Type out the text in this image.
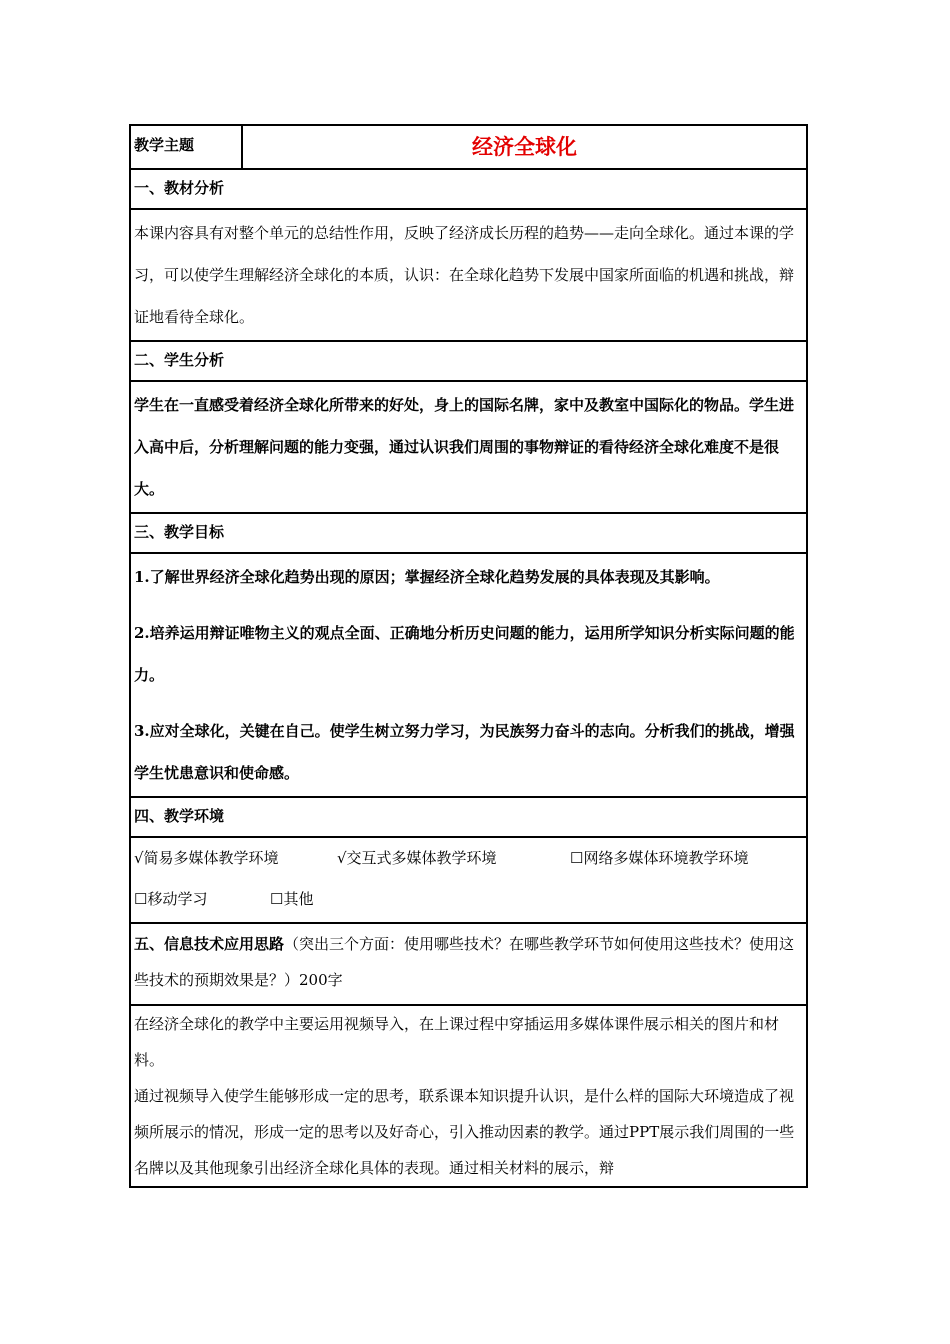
教学主题	经济全球化
一、教材分析
本课内容具有对整个单元的总结性作用，反映了经济成长历程的趋势——走向全球化。通过本课的学习，可以使学生理解经济全球化的本质，认识：在全球化趋势下发展中国家所面临的机遇和挑战，辩证地看待全球化。
二、学生分析
学生在一直感受着经济全球化所带来的好处，身上的国际名牌，家中及教室中国际化的物品。学生进入高中后，分析理解问题的能力变强，通过认识我们周围的事物辩证的看待经济全球化难度不是很大。
三、教学目标

1.了解世界经济全球化趋势出现的原因；掌握经济全球化趋势发展的具体表现及其影响。

2.培养运用辩证唯物主义的观点全面、正确地分析历史问题的能力，运用所学知识分析实际问题的能力。

3.应对全球化，关键在自己。使学生树立努力学习，为民族努力奋斗的志向。分析我们的挑战，增强学生忧患意识和使命感。

四、教学环境
√简易多媒体教学环境	√交互式多媒体教学环境	☐网络多媒体环境教学环境
☐移动学习	☐其他
五、信息技术应用思路（突出三个方面：使用哪些技术？在哪些教学环节如何使用这些技术？使用这些技术的预期效果是？）200字

在经济全球化的教学中主要运用视频导入，在上课过程中穿插运用多媒体课件展示相关的图片和材料。

通过视频导入使学生能够形成一定的思考，联系课本知识提升认识，是什么样的国际大环境造成了视频所展示的情况，形成一定的思考以及好奇心，引入推动因素的教学。通过PPT展示我们周围的一些名牌以及其他现象引出经济全球化具体的表现。通过相关材料的展示，辩
